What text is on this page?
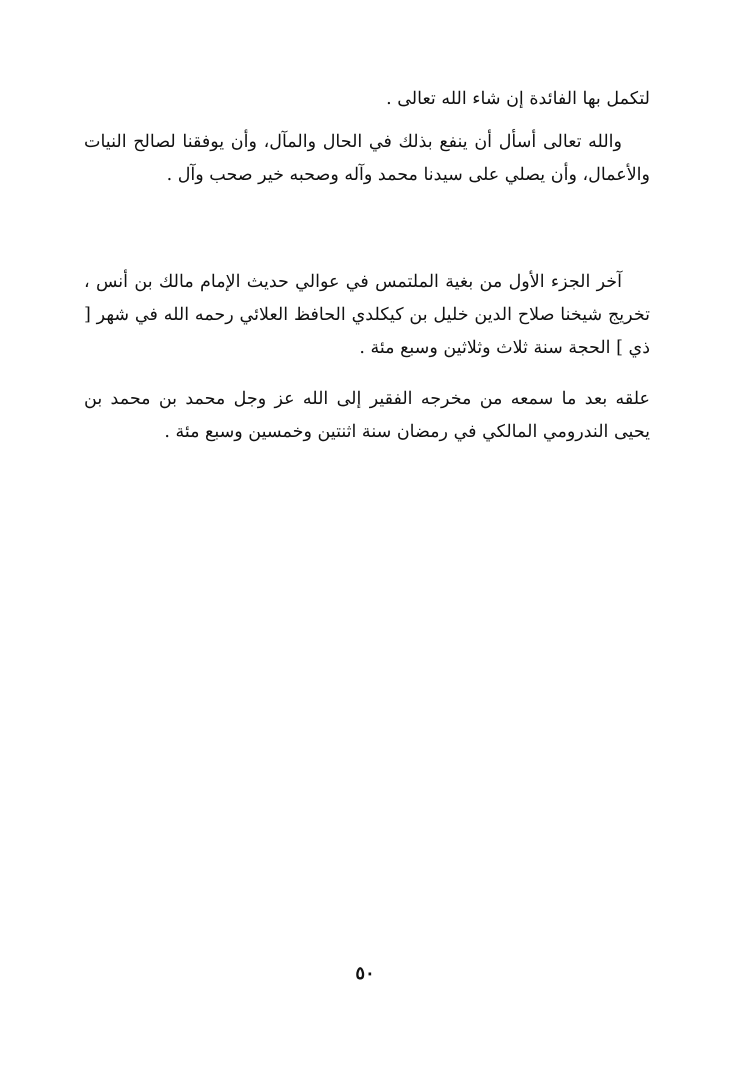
لتكمل بها الفائدة إن شاء الله تعالى .

والله تعالى أسأل أن ينفع بذلك في الحال والمآل، وأن يوفقنا لصالح النيات والأعمال، وأن يصلي على سيدنا محمد وآله وصحبه خير صحب وآل .

آخر الجزء الأول من بغية الملتمس في عوالي حديث الإمام مالك بن أنس ، تخريج شيخنا صلاح الدين خليل بن كيكلدي الحافظ العلائي رحمه الله في شهر [ ذي ] الحجة سنة ثلاث وثلاثين وسبع مئة .

علقه بعد ما سمعه من مخرجه الفقير إلى الله عز وجل محمد بن محمد بن يحيى الندرومي المالكي في رمضان سنة اثنتين وخمسين وسبع مئة .

٥٠
